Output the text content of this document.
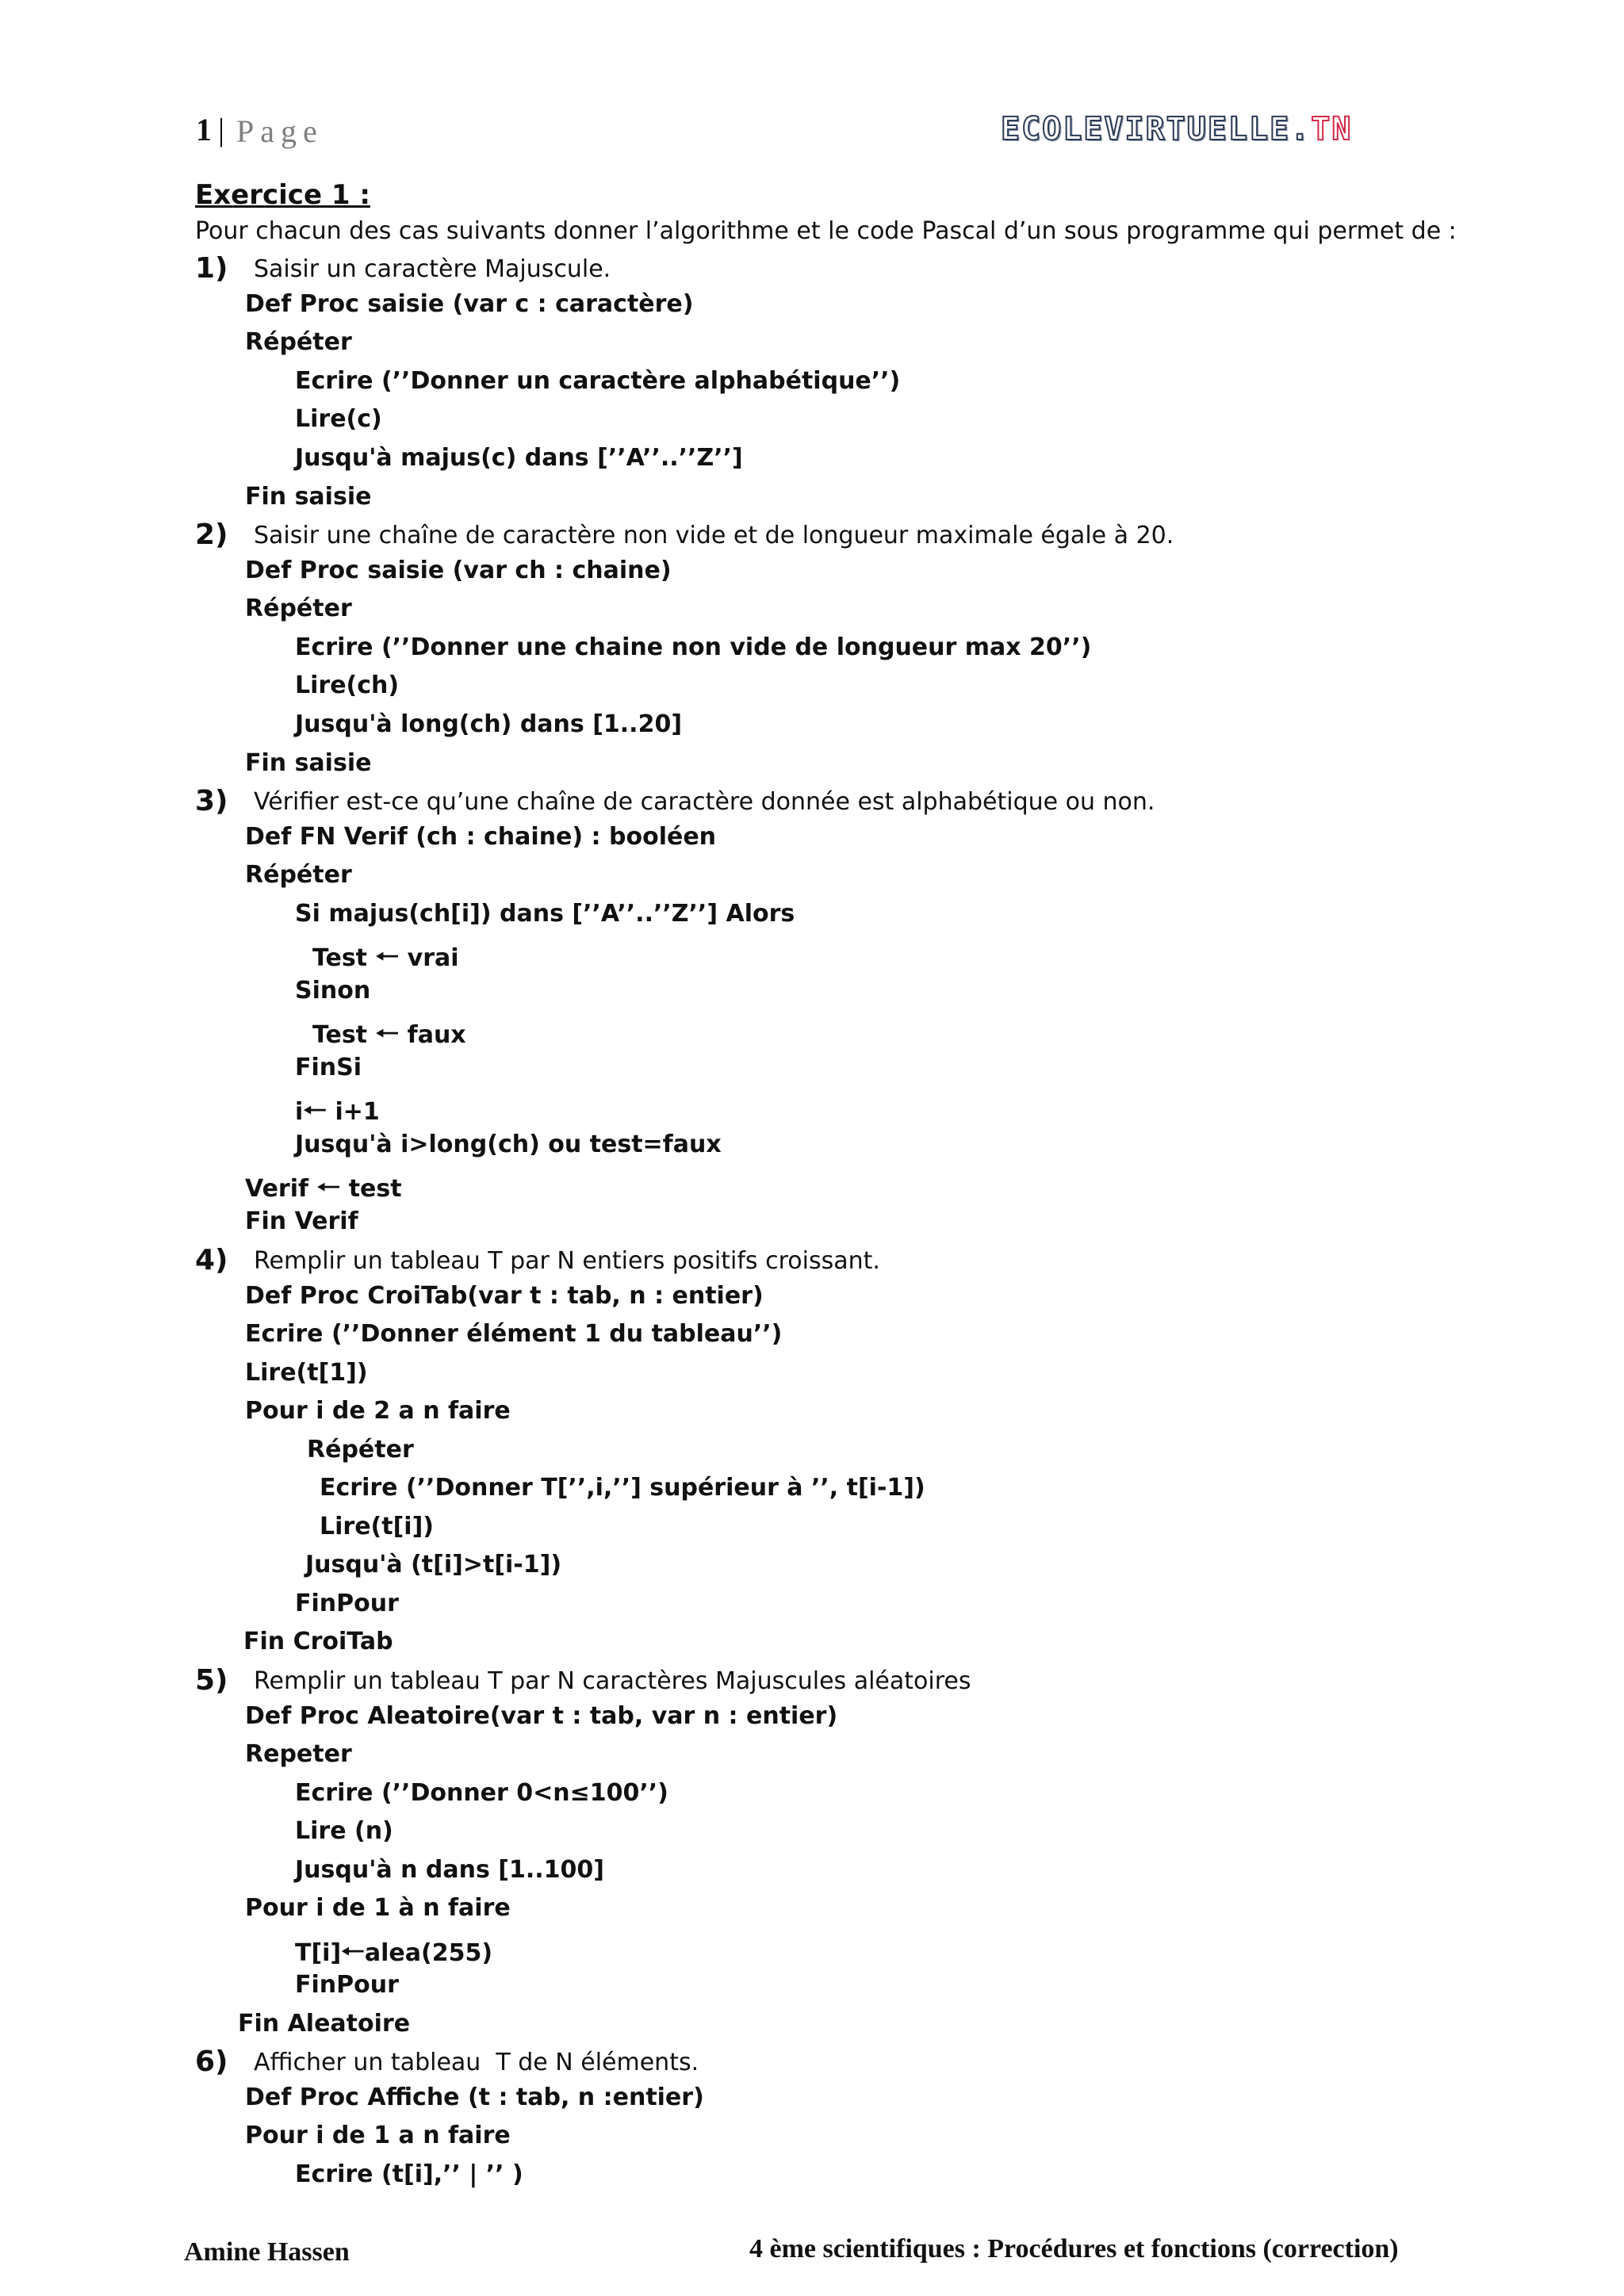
1 | Page	ECOLEVIRTUELLE.TN
Exercice 1 :
Pour chacun des cas suivants donner l’algorithme et le code Pascal d’un sous programme qui permet de :
1) Saisir un caractère Majuscule.
Def Proc saisie (var c : caractère)
Répéter
Ecrire (’’Donner un caractère alphabétique’’)
Lire(c)
Jusqu'à majus(c) dans [’’A’’..’’Z’’]
Fin saisie
2) Saisir une chaîne de caractère non vide et de longueur maximale égale à 20.
Def Proc saisie (var ch : chaine)
Répéter
Ecrire (’’Donner une chaine non vide de longueur max 20’’)
Lire(ch)
Jusqu'à long(ch) dans [1..20]
Fin saisie
3) Vérifier est-ce qu’une chaîne de caractère donnée est alphabétique ou non.
Def FN Verif (ch : chaine) : booléen
Répéter
Si majus(ch[i]) dans [’’A’’..’’Z’’] Alors
Test 🠐 vrai
Sinon
Test 🠐 faux
FinSi
i🠐 i+1
Jusqu'à i>long(ch) ou test=faux
Verif 🠐 test
Fin Verif
4) Remplir un tableau T par N entiers positifs croissant.
Def Proc CroiTab(var t : tab, n : entier)
Ecrire (’’Donner élément 1 du tableau’’)
Lire(t[1])
Pour i de 2 a n faire
Répéter
Ecrire (’’Donner T[’’,i,’’] supérieur à ’’, t[i-1])
Lire(t[i])
Jusqu'à (t[i]>t[i-1])
FinPour
Fin CroiTab
5) Remplir un tableau T par N caractères Majuscules aléatoires
Def Proc Aleatoire(var t : tab, var n : entier)
Repeter
Ecrire (’’Donner 0<n≤100’’)
Lire (n)
Jusqu'à n dans [1..100]
Pour i de 1 à n faire
T[i]🠐alea(255)
FinPour
Fin Aleatoire
6) Afficher un tableau  T de N éléments.
Def Proc Affiche (t : tab, n :entier)
Pour i de 1 a n faire
Ecrire (t[i],’’ | ’’ )
Amine Hassen	4 ème scientifiques : Procédures et fonctions (correction)
